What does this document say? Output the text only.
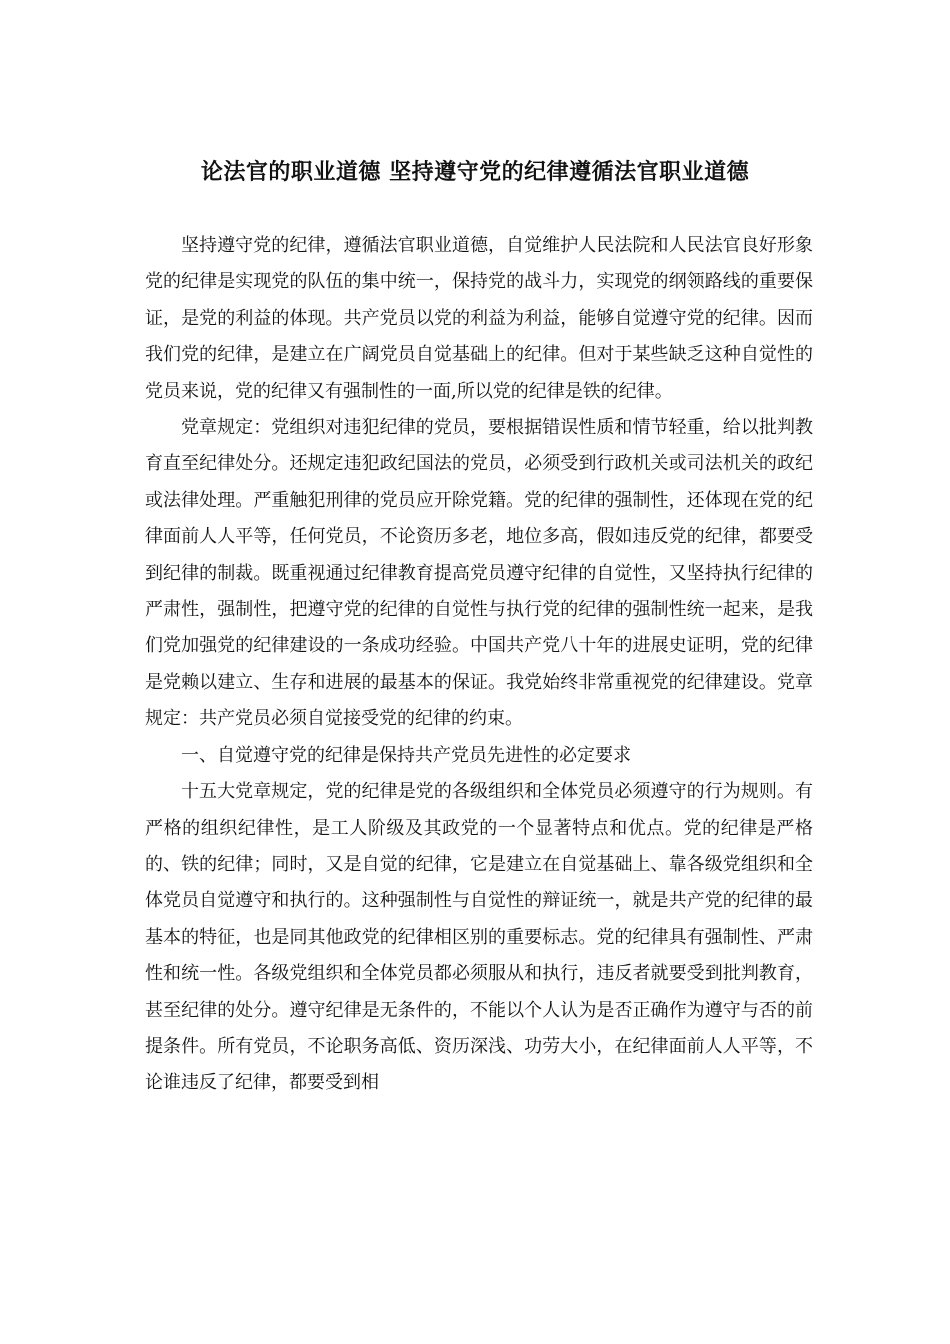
论法官的职业道德 坚持遵守党的纪律遵循法官职业道德

坚持遵守党的纪律，遵循法官职业道德，自觉维护人民法院和人民法官良好形象党的纪律是实现党的队伍的集中统一，保持党的战斗力，实现党的纲领路线的重要保证，是党的利益的体现。共产党员以党的利益为利益，能够自觉遵守党的纪律。因而我们党的纪律，是建立在广阔党员自觉基础上的纪律。但对于某些缺乏这种自觉性的党员来说，党的纪律又有强制性的一面,所以党的纪律是铁的纪律。

党章规定：党组织对违犯纪律的党员，要根据错误性质和情节轻重，给以批判教育直至纪律处分。还规定违犯政纪国法的党员，必须受到行政机关或司法机关的政纪或法律处理。严重触犯刑律的党员应开除党籍。党的纪律的强制性，还体现在党的纪律面前人人平等，任何党员，不论资历多老，地位多高，假如违反党的纪律，都要受到纪律的制裁。既重视通过纪律教育提高党员遵守纪律的自觉性，又坚持执行纪律的严肃性，强制性，把遵守党的纪律的自觉性与执行党的纪律的强制性统一起来，是我们党加强党的纪律建设的一条成功经验。中国共产党八十年的进展史证明，党的纪律是党赖以建立、生存和进展的最基本的保证。我党始终非常重视党的纪律建设。党章规定：共产党员必须自觉接受党的纪律的约束。

一、自觉遵守党的纪律是保持共产党员先进性的必定要求

十五大党章规定，党的纪律是党的各级组织和全体党员必须遵守的行为规则。有严格的组织纪律性，是工人阶级及其政党的一个显著特点和优点。党的纪律是严格的、铁的纪律；同时，又是自觉的纪律，它是建立在自觉基础上、靠各级党组织和全体党员自觉遵守和执行的。这种强制性与自觉性的辩证统一，就是共产党的纪律的最基本的特征，也是同其他政党的纪律相区别的重要标志。党的纪律具有强制性、严肃性和统一性。各级党组织和全体党员都必须服从和执行，违反者就要受到批判教育，甚至纪律的处分。遵守纪律是无条件的，不能以个人认为是否正确作为遵守与否的前提条件。所有党员，不论职务高低、资历深浅、功劳大小，在纪律面前人人平等，不论谁违反了纪律，都要受到相
